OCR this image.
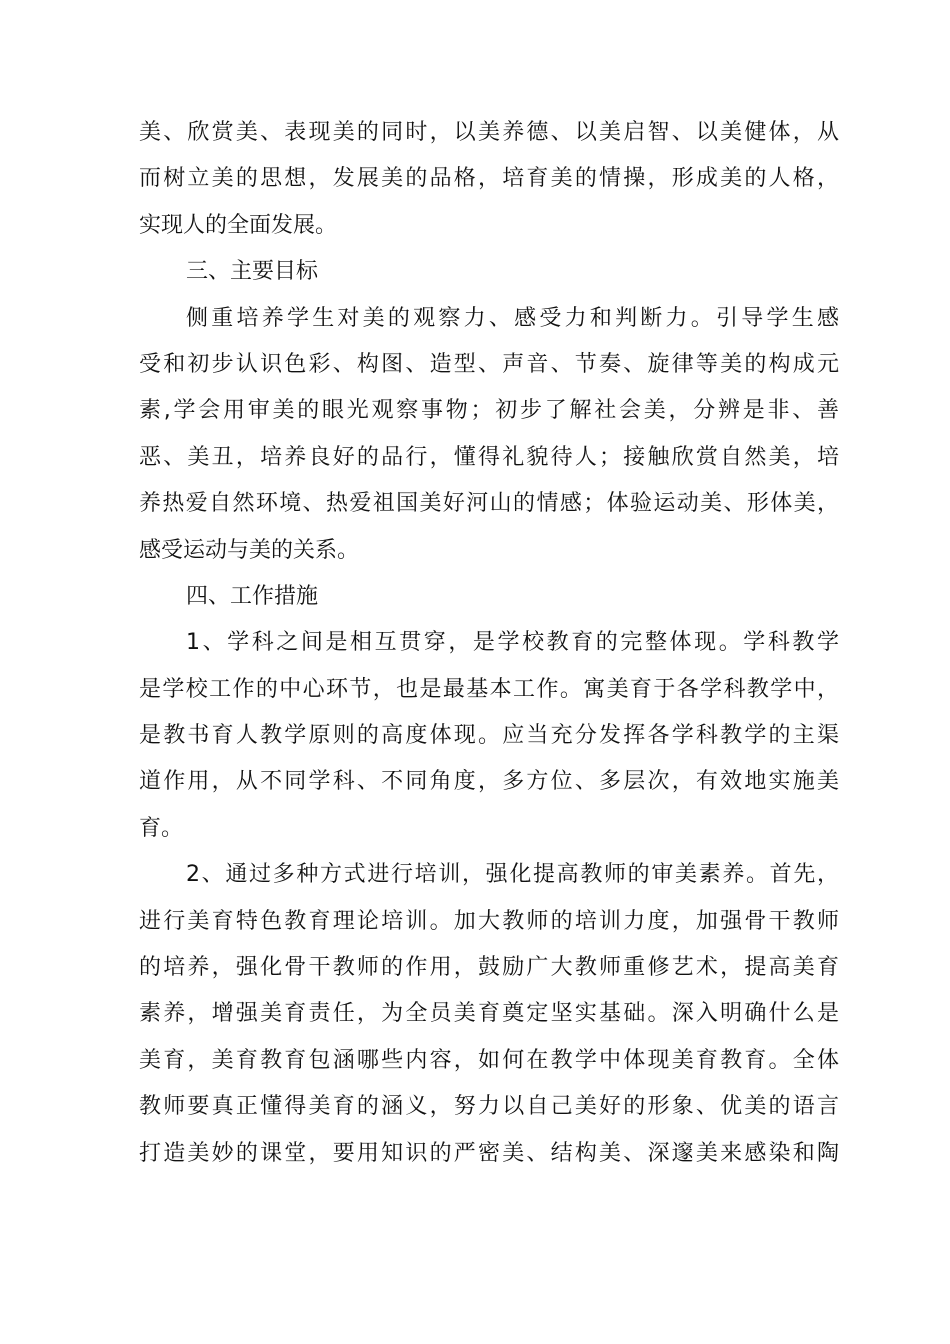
美、欣赏美、表现美的同时，以美养德、以美启智、以美健体，从
而树立美的思想，发展美的品格，培育美的情操，形成美的人格，
实现人的全面发展。
三、主要目标
侧重培养学生对美的观察力、感受力和判断力。引导学生感
受和初步认识色彩、构图、造型、声音、节奏、旋律等美的构成元
素,学会用审美的眼光观察事物；初步了解社会美，分辨是非、善
恶、美丑，培养良好的品行，懂得礼貌待人；接触欣赏自然美，培
养热爱自然环境、热爱祖国美好河山的情感；体验运动美、形体美，
感受运动与美的关系。
四、工作措施
1、学科之间是相互贯穿，是学校教育的完整体现。学科教学
是学校工作的中心环节，也是最基本工作。寓美育于各学科教学中，
是教书育人教学原则的高度体现。应当充分发挥各学科教学的主渠
道作用，从不同学科、不同角度，多方位、多层次，有效地实施美
育。
2、通过多种方式进行培训，强化提高教师的审美素养。首先，
进行美育特色教育理论培训。加大教师的培训力度，加强骨干教师
的培养，强化骨干教师的作用，鼓励广大教师重修艺术，提高美育
素养，增强美育责任，为全员美育奠定坚实基础。深入明确什么是
美育，美育教育包涵哪些内容，如何在教学中体现美育教育。全体
教师要真正懂得美育的涵义，努力以自己美好的形象、优美的语言
打造美妙的课堂，要用知识的严密美、结构美、深邃美来感染和陶
